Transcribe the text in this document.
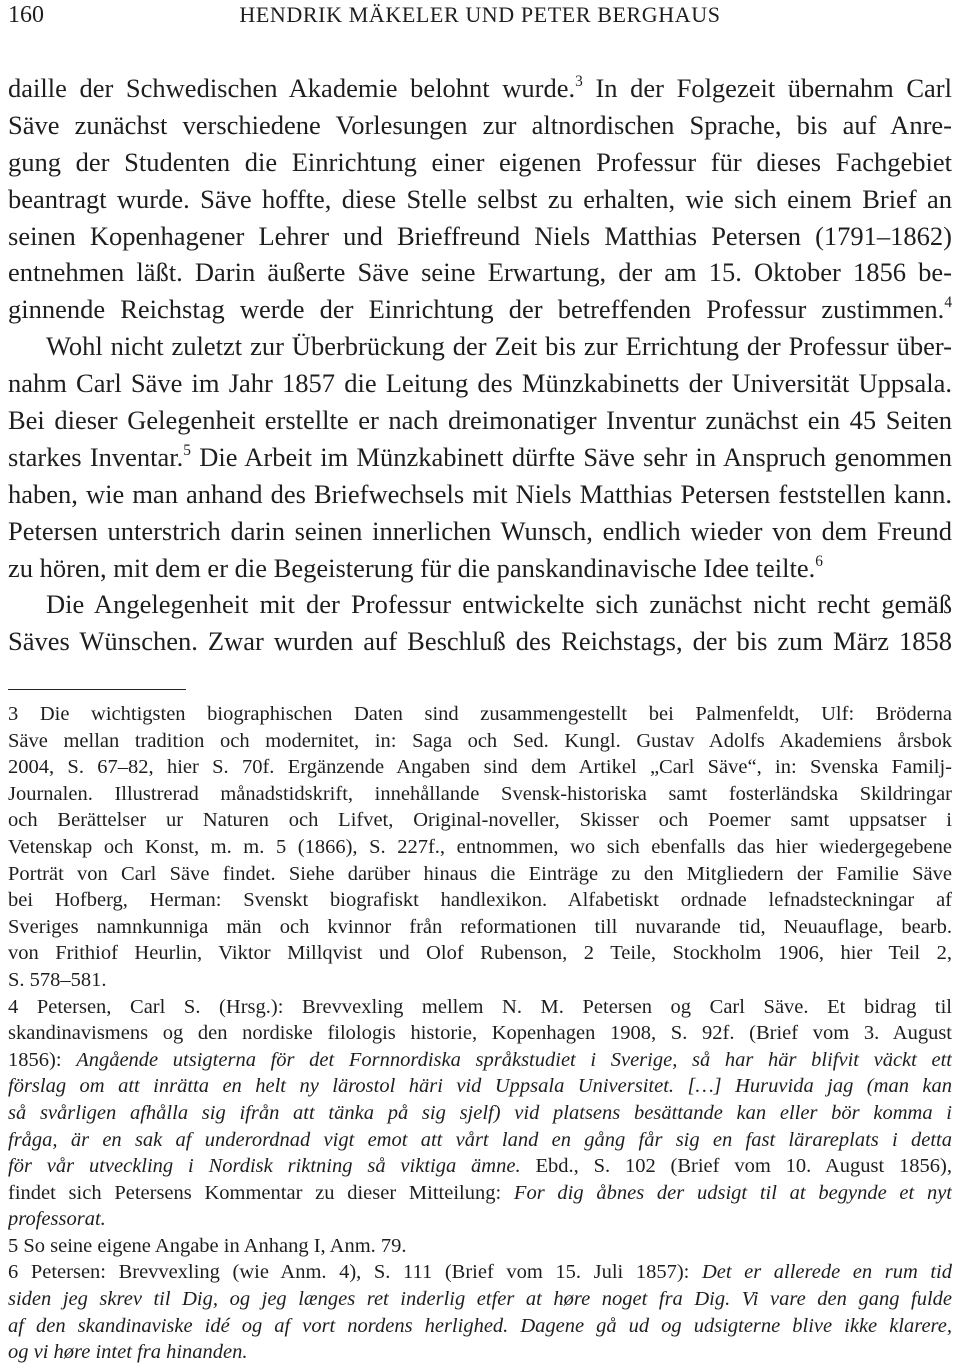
160	HENDRIK MÄKELER UND PETER BERGHAUS
daille der Schwedischen Akademie belohnt wurde.$^3$ In der Folgezeit übernahm Carl
Säve zunächst verschiedene Vorlesungen zur altnordischen Sprache, bis auf Anre-
gung der Studenten die Einrichtung einer eigenen Professur für dieses Fachgebiet
beantragt wurde. Säve hoffte, diese Stelle selbst zu erhalten, wie sich einem Brief an
seinen Kopenhagener Lehrer und Brieffreund Niels Matthias Petersen (1791–1862)
entnehmen läßt. Darin äußerte Säve seine Erwartung, der am 15. Oktober 1856 be-
ginnende Reichstag werde der Einrichtung der betreffenden Professur zustimmen.$^4$
Wohl nicht zuletzt zur Überbrückung der Zeit bis zur Errichtung der Professur über-
nahm Carl Säve im Jahr 1857 die Leitung des Münzkabinetts der Universität Uppsala.
Bei dieser Gelegenheit erstellte er nach dreimonatiger Inventur zunächst ein 45 Seiten
starkes Inventar.$^5$ Die Arbeit im Münzkabinett dürfte Säve sehr in Anspruch genommen
haben, wie man anhand des Briefwechsels mit Niels Matthias Petersen feststellen kann.
Petersen unterstrich darin seinen innerlichen Wunsch, endlich wieder von dem Freund
zu hören, mit dem er die Begeisterung für die panskandinavische Idee teilte.$^6$
Die Angelegenheit mit der Professur entwickelte sich zunächst nicht recht gemäß
Säves Wünschen. Zwar wurden auf Beschluß des Reichstags, der bis zum März 1858
3 Die wichtigsten biographischen Daten sind zusammengestellt bei Palmenfeldt, Ulf: Bröderna
Säve mellan tradition och modernitet, in: Saga och Sed. Kungl. Gustav Adolfs Akademiens årsbok
2004, S. 67–82, hier S. 70f. Ergänzende Angaben sind dem Artikel „Carl Säve“, in: Svenska Familj-
Journalen. Illustrerad månadstidskrift, innehållande Svensk-historiska samt fosterländska Skildringar
och Berättelser ur Naturen och Lifvet, Original-noveller, Skisser och Poemer samt uppsatser i
Vetenskap och Konst, m. m. 5 (1866), S. 227f., entnommen, wo sich ebenfalls das hier wiedergegebene
Porträt von Carl Säve findet. Siehe darüber hinaus die Einträge zu den Mitgliedern der Familie Säve
bei Hofberg, Herman: Svenskt biografiskt handlexikon. Alfabetiskt ordnade lefnadsteckningar af
Sveriges namnkunniga män och kvinnor från reformationen till nuvarande tid, Neuauflage, bearb.
von Frithiof Heurlin, Viktor Millqvist und Olof Rubenson, 2 Teile, Stockholm 1906, hier Teil 2,
S. 578–581.
4 Petersen, Carl S. (Hrsg.): Brevvexling mellem N. M. Petersen og Carl Säve. Et bidrag til
skandinavismens og den nordiske filologis historie, Kopenhagen 1908, S. 92f. (Brief vom 3. August
1856): Angående utsigterna för det Fornnordiska språkstudiet i Sverige, så har här blifvit väckt ett
förslag om att inrätta en helt ny lärostol häri vid Uppsala Universitet. […] Huruvida jag (man kan
så svårligen afhålla sig ifrån att tänka på sig sjelf) vid platsens besättande kan eller bör komma i
fråga, är en sak af underordnad vigt emot att vårt land en gång får sig en fast lärareplats i detta
för vår utveckling i Nordisk riktning så viktiga ämne. Ebd., S. 102 (Brief vom 10. August 1856),
findet sich Petersens Kommentar zu dieser Mitteilung: For dig åbnes der udsigt til at begynde et nyt
professorat.
5 So seine eigene Angabe in Anhang I, Anm. 79.
6 Petersen: Brevvexling (wie Anm. 4), S. 111 (Brief vom 15. Juli 1857): Det er allerede en rum tid
siden jeg skrev til Dig, og jeg længes ret inderlig etfer at høre noget fra Dig. Vi vare den gang fulde
af den skandinaviske idé og af vort nordens herlighed. Dagene gå ud og udsigterne blive ikke klarere,
og vi høre intet fra hinanden.
